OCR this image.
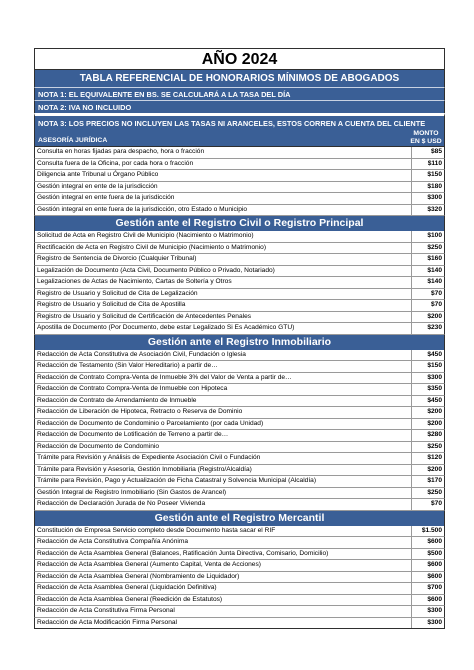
AÑO 2024
TABLA REFERENCIAL DE HONORARIOS MÍNIMOS DE ABOGADOS
NOTA 1: EL EQUIVALENTE EN BS. SE CALCULARÁ A LA TASA DEL DÍA
NOTA 2: IVA NO INCLUIDO
NOTA 3: LOS PRECIOS NO INCLUYEN LAS TASAS NI ARANCELES, ESTOS CORREN A CUENTA DEL CLIENTE
ASESORÍA JURÍDICA
MONTO EN $ USD
Consulta en horas fijadas para despacho, hora o fracción	$85
Consulta fuera de la Oficina, por cada hora o fracción	$110
Diligencia ante Tribunal u Órgano Público	$150
Gestión integral en ente de la jurisdicción	$180
Gestión integral en ente fuera de la jurisdicción	$300
Gestión integral en ente fuera de la jurisdicción, otro Estado o Municipio	$320
Gestión ante el Registro Civil o Registro Principal
Solicitud de Acta en Registro Civil de Municipio (Nacimiento o Matrimonio)	$100
Rectificación de Acta en Registro Civil de Municipio (Nacimiento o Matrimonio)	$250
Registro de Sentencia de Divorcio (Cualquier Tribunal)	$160
Legalización de Documento (Acta Civil, Documento Público o Privado, Notariado)	$140
Legalizaciones de Actas de Nacimiento, Cartas de Soltería y Otros	$140
Registro de Usuario y Solicitud de Cita de Legalización	$70
Registro de Usuario y Solicitud de Cita de Apostilla	$70
Registro de Usuario y Solicitud de Certificación de Antecedentes Penales	$200
Apostilla de Documento (Por Documento, debe estar Legalizado Si Es Académico GTU)	$230
Gestión ante el Registro Inmobiliario
Redacción de Acta Constitutiva de Asociación Civil, Fundación o Iglesia	$450
Redacción de Testamento (Sin Valor Hereditario) a partir de…	$150
Redacción de Contrato Compra-Venta de Inmueble 3% del Valor de Venta a partir de…	$300
Redacción de Contrato Compra-Venta de Inmueble con Hipoteca	$350
Redacción de Contrato de Arrendamiento de Inmueble	$450
Redacción de Liberación de Hipoteca, Retracto o Reserva de Dominio	$200
Redacción de Documento de Condominio o Parcelamiento (por cada Unidad)	$200
Redacción de Documento de Lotificación de Terreno a partir de…	$280
Redacción de Documento de Condominio	$250
Trámite para Revisión y Análisis de Expediente Asociación Civil o Fundación	$120
Trámite para Revisión y Asesoría, Gestión Inmobiliaria (Registro/Alcaldía)	$200
Trámite para Revisión, Pago y Actualización de Ficha Catastral y Solvencia Municipal (Alcaldía)	$170
Gestión Integral de Registro Inmobiliario (Sin Gastos de Arancel)	$250
Redacción de Declaración Jurada de No Poseer Vivienda	$70
Gestión ante el Registro Mercantil
Constitución de Empresa Servicio completo desde Documento hasta sacar el RIF	$1.500
Redacción de Acta Constitutiva Compañía Anónima	$600
Redacción de Acta Asamblea General (Balances, Ratificación Junta Directiva, Comisario, Domicilio)	$500
Redacción de Acta Asamblea General (Aumento Capital, Venta de Acciones)	$600
Redacción de Acta Asamblea General (Nombramiento de Liquidador)	$600
Redacción de Acta Asamblea General (Liquidación Definitiva)	$700
Redacción de Acta Asamblea General (Reedición de Estatutos)	$600
Redacción de Acta Constitutiva Firma Personal	$300
Redacción de Acta Modificación Firma Personal	$300
